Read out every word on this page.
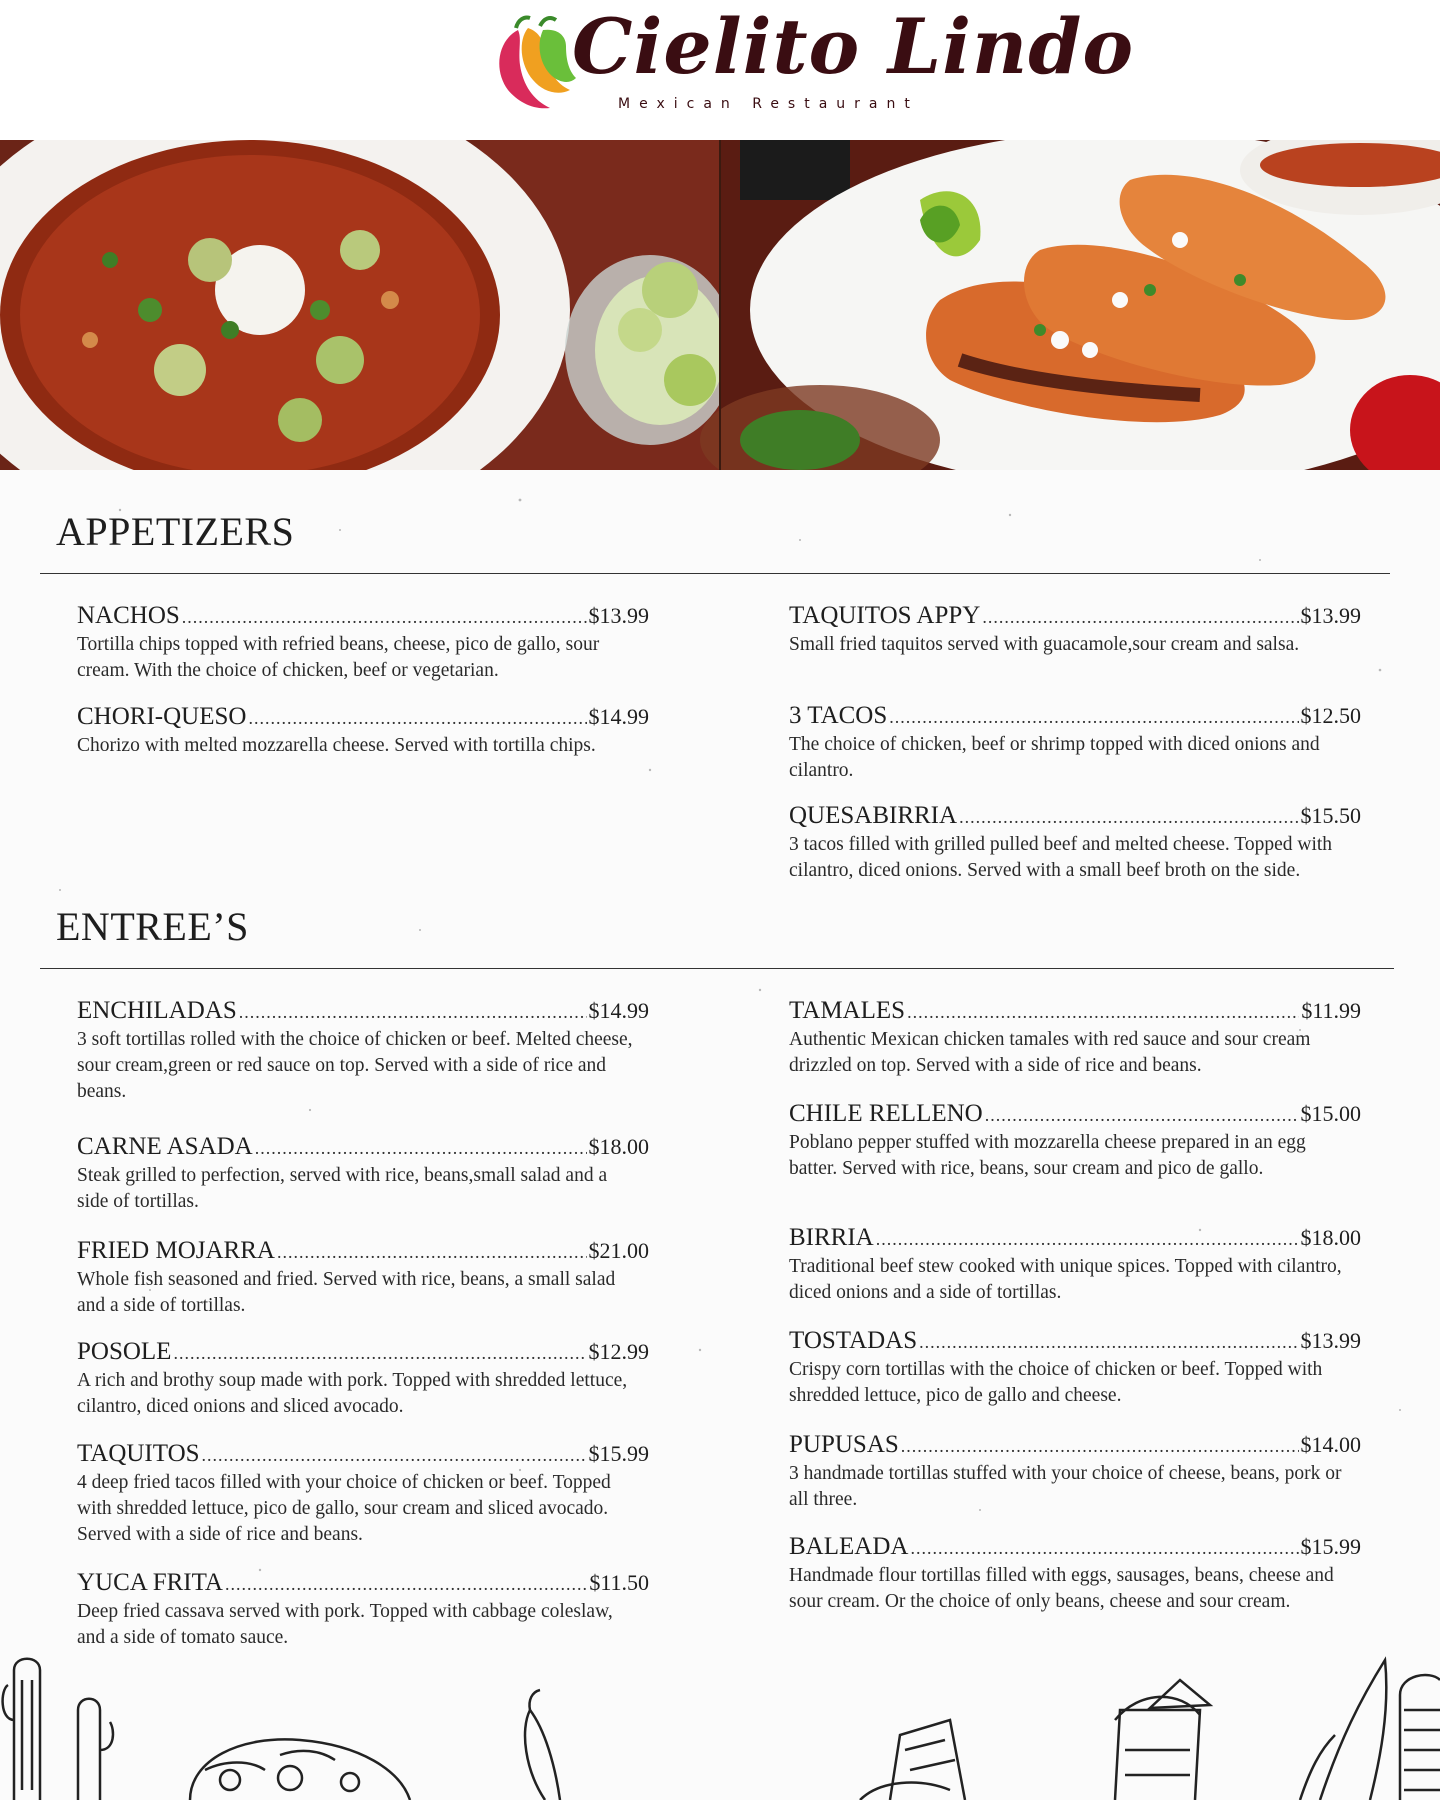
Cielito Lindo
Mexican Restaurant
APPETIZERS
NACHOS .....	$13.99
Tortilla chips topped with refried beans, cheese, pico de gallo, sour cream. With the choice of chicken, beef or vegetarian.
CHORI-QUESO .....	$14.99
Chorizo with melted mozzarella cheese. Served with tortilla chips.
TAQUITOS APPY .....	$13.99
Small fried taquitos served with guacamole,sour cream and salsa.
3 TACOS .....	$12.50
The choice of chicken, beef or shrimp topped with diced onions and cilantro.
QUESABIRRIA .....	$15.50
3 tacos filled with grilled pulled beef and melted cheese. Topped with cilantro, diced onions. Served with a small beef broth on the side.
ENTREE’S
ENCHILADAS .....	$14.99
3 soft tortillas rolled with the choice of chicken or beef. Melted cheese, sour cream,green or red sauce on top. Served with a side of rice and beans.
CARNE ASADA .....	$18.00
Steak grilled to perfection, served with rice, beans,small salad and a side of tortillas.
FRIED MOJARRA .....	$21.00
Whole fish seasoned and fried. Served with rice, beans, a small salad and a side of tortillas.
POSOLE .....	$12.99
A rich and brothy soup made with pork. Topped with shredded lettuce, cilantro, diced onions and sliced avocado.
TAQUITOS .....	$15.99
4 deep fried tacos filled with your choice of chicken or beef. Topped with shredded lettuce, pico de gallo, sour cream and sliced avocado. Served with a side of rice and beans.
YUCA FRITA .....	$11.50
Deep fried cassava served with pork. Topped with cabbage coleslaw, and a side of tomato sauce.
TAMALES .....	$11.99
Authentic Mexican chicken tamales with red sauce and sour cream drizzled on top. Served with a side of rice and beans.
CHILE RELLENO .....	$15.00
Poblano pepper stuffed with mozzarella cheese prepared in an egg batter. Served with rice, beans, sour cream and pico de gallo.
BIRRIA .....	$18.00
Traditional beef stew cooked with unique spices. Topped with cilantro, diced onions and a side of tortillas.
TOSTADAS .....	$13.99
Crispy corn tortillas with the choice of chicken or beef. Topped with shredded lettuce, pico de gallo and cheese.
PUPUSAS .....	$14.00
3 handmade tortillas stuffed with your choice of cheese, beans, pork or all three.
BALEADA .....	$15.99
Handmade flour tortillas filled with eggs, sausages, beans, cheese and sour cream. Or the choice of only beans, cheese and sour cream.
